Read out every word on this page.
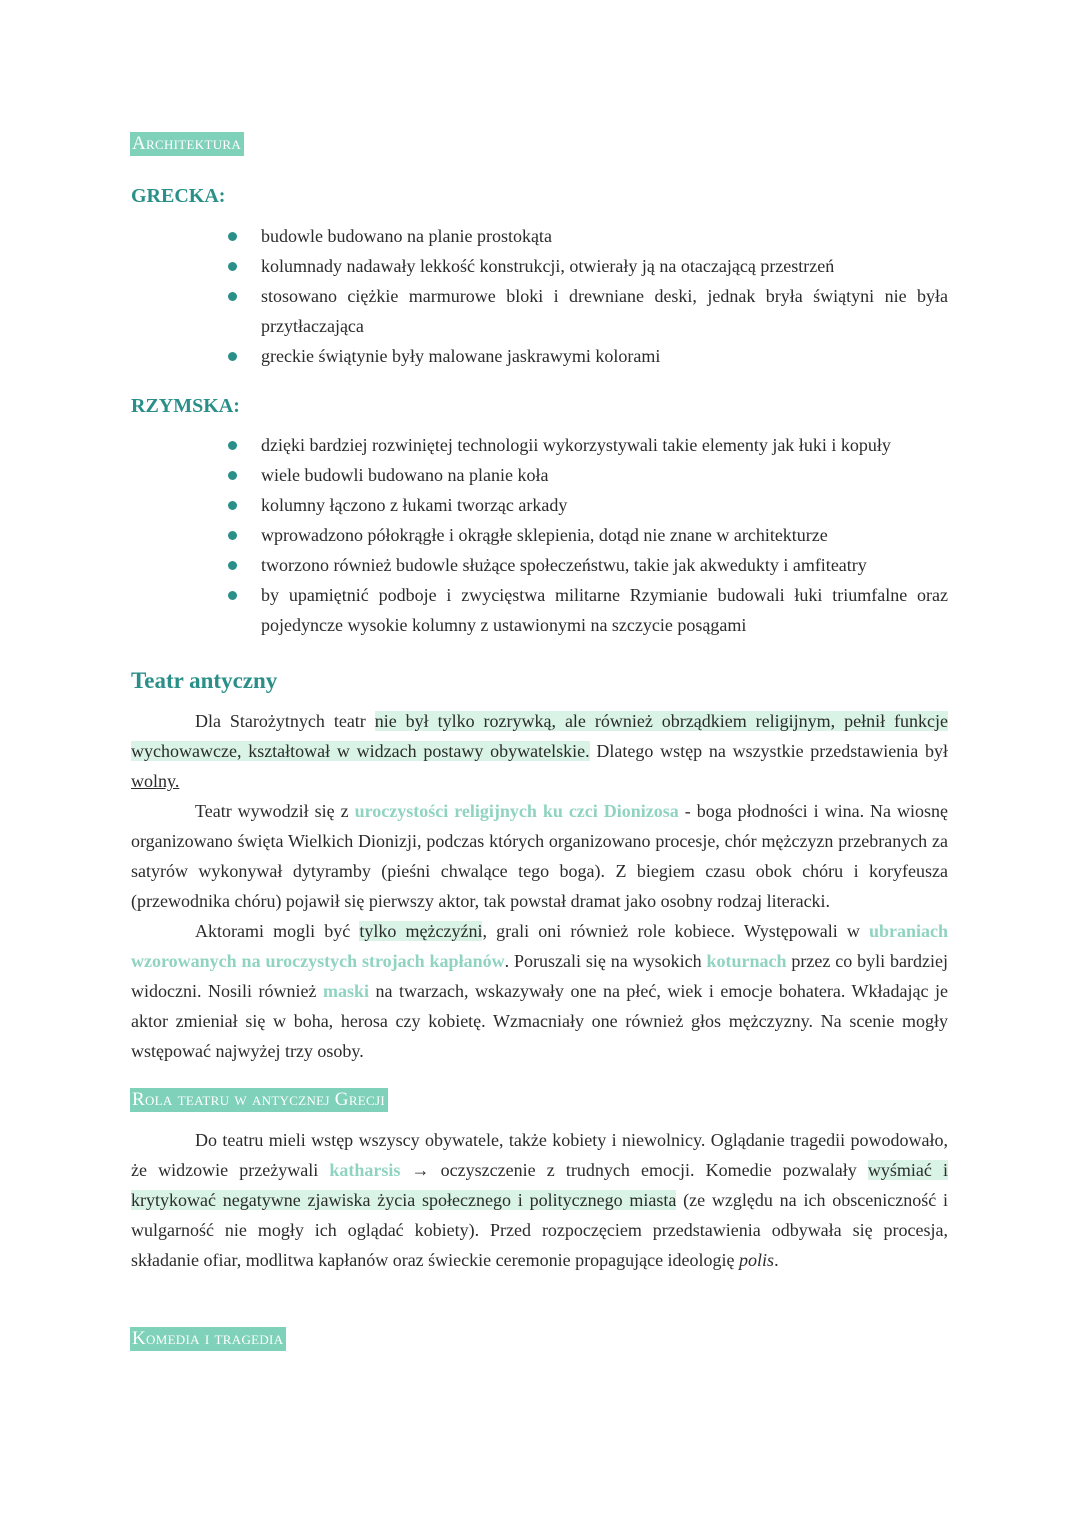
Architektura
GRECKA:
budowle budowano na planie prostokąta
kolumnady nadawały lekkość konstrukcji, otwierały ją na otaczającą przestrzeń
stosowano ciężkie marmurowe bloki i drewniane deski, jednak bryła świątyni nie była przytłaczająca
greckie świątynie były malowane jaskrawymi kolorami
RZYMSKA:
dzięki bardziej rozwiniętej technologii wykorzystywali takie elementy jak łuki i kopuły
wiele budowli budowano na planie koła
kolumny łączono z łukami tworząc arkady
wprowadzono półokrągłe i okrągłe sklepienia, dotąd nie znane w architekturze
tworzono również budowle służące społeczeństwu, takie jak akwedukty i amfiteatry
by upamiętnić podboje i zwycięstwa militarne Rzymianie budowali łuki triumfalne oraz pojedyncze wysokie kolumny z ustawionymi na szczycie posągami
Teatr antyczny

Dla Starożytnych teatr nie był tylko rozrywką, ale również obrządkiem religijnym, pełnił funkcje wychowawcze, kształtował w widzach postawy obywatelskie. Dlatego wstęp na wszystkie przedstawienia był wolny.

Teatr wywodził się z uroczystości religijnych ku czci Dionizosa - boga płodności i wina. Na wiosnę organizowano święta Wielkich Dionizji, podczas których organizowano procesje, chór mężczyzn przebranych za satyrów wykonywał dytyramby (pieśni chwalące tego boga). Z biegiem czasu obok chóru i koryfeusza (przewodnika chóru) pojawił się pierwszy aktor, tak powstał dramat jako osobny rodzaj literacki.

Aktorami mogli być tylko mężczyźni, grali oni również role kobiece. Występowali w ubraniach wzorowanych na uroczystych strojach kapłanów. Poruszali się na wysokich koturnach przez co byli bardziej widoczni. Nosili również maski na twarzach, wskazywały one na płeć, wiek i emocje bohatera. Wkładając je aktor zmieniał się w boha, herosa czy kobietę. Wzmacniały one również głos mężczyzny. Na scenie mogły wstępować najwyżej trzy osoby.

Rola teatru w antycznej Grecji

Do teatru mieli wstęp wszyscy obywatele, także kobiety i niewolnicy. Oglądanie tragedii powodowało, że widzowie przeżywali katharsis → oczyszczenie z trudnych emocji. Komedie pozwalały wyśmiać i krytykować negatywne zjawiska życia społecznego i politycznego miasta (ze względu na ich obsceniczność i wulgarność nie mogły ich oglądać kobiety). Przed rozpoczęciem przedstawienia odbywała się procesja, składanie ofiar, modlitwa kapłanów oraz świeckie ceremonie propagujące ideologię polis.

Komedia i tragedia
